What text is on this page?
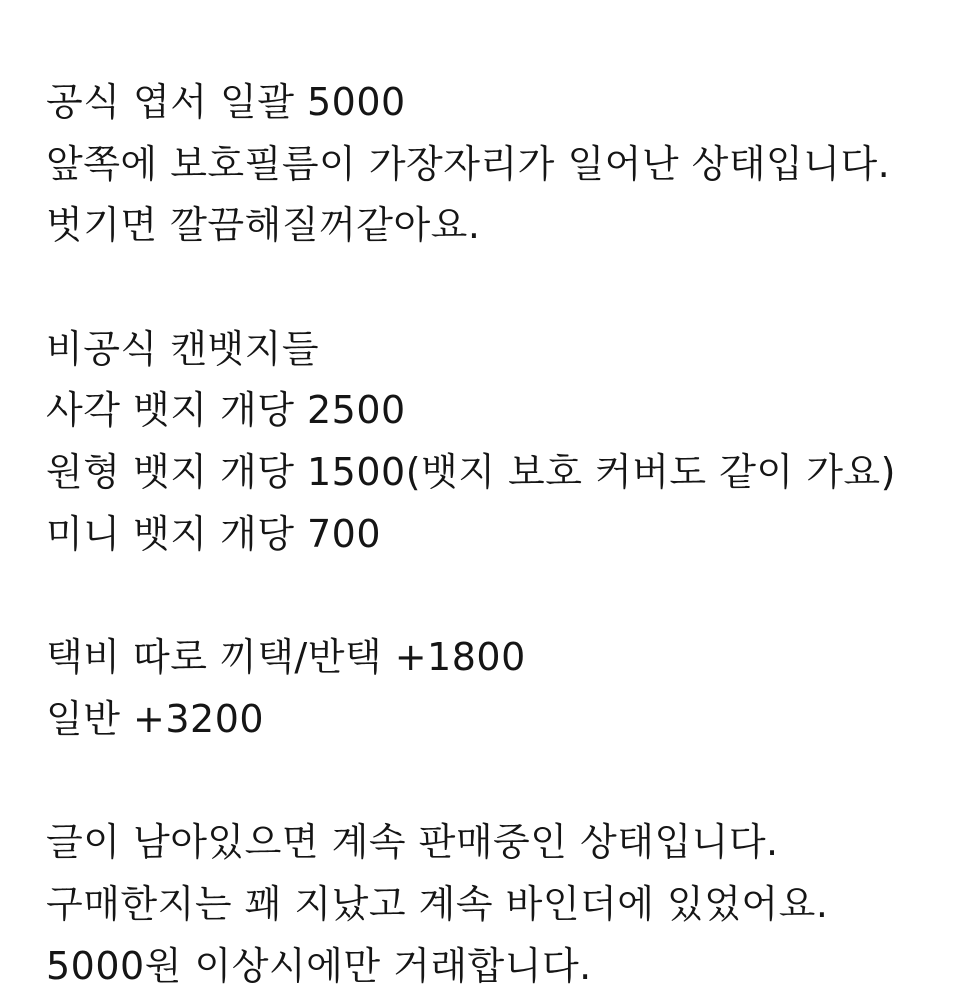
공식 엽서 일괄 5000
앞쪽에 보호필름이 가장자리가 일어난 상태입니다.
벗기면 깔끔해질꺼같아요.
비공식 캔뱃지들
사각 뱃지 개당 2500
원형 뱃지 개당 1500(뱃지 보호 커버도 같이 가요)
미니 뱃지 개당 700
택비 따로 끼택/반택 +1800
일반 +3200
글이 남아있으면 계속 판매중인 상태입니다.
구매한지는 꽤 지났고 계속 바인더에 있었어요.
5000원 이상시에만 거래합니다.
